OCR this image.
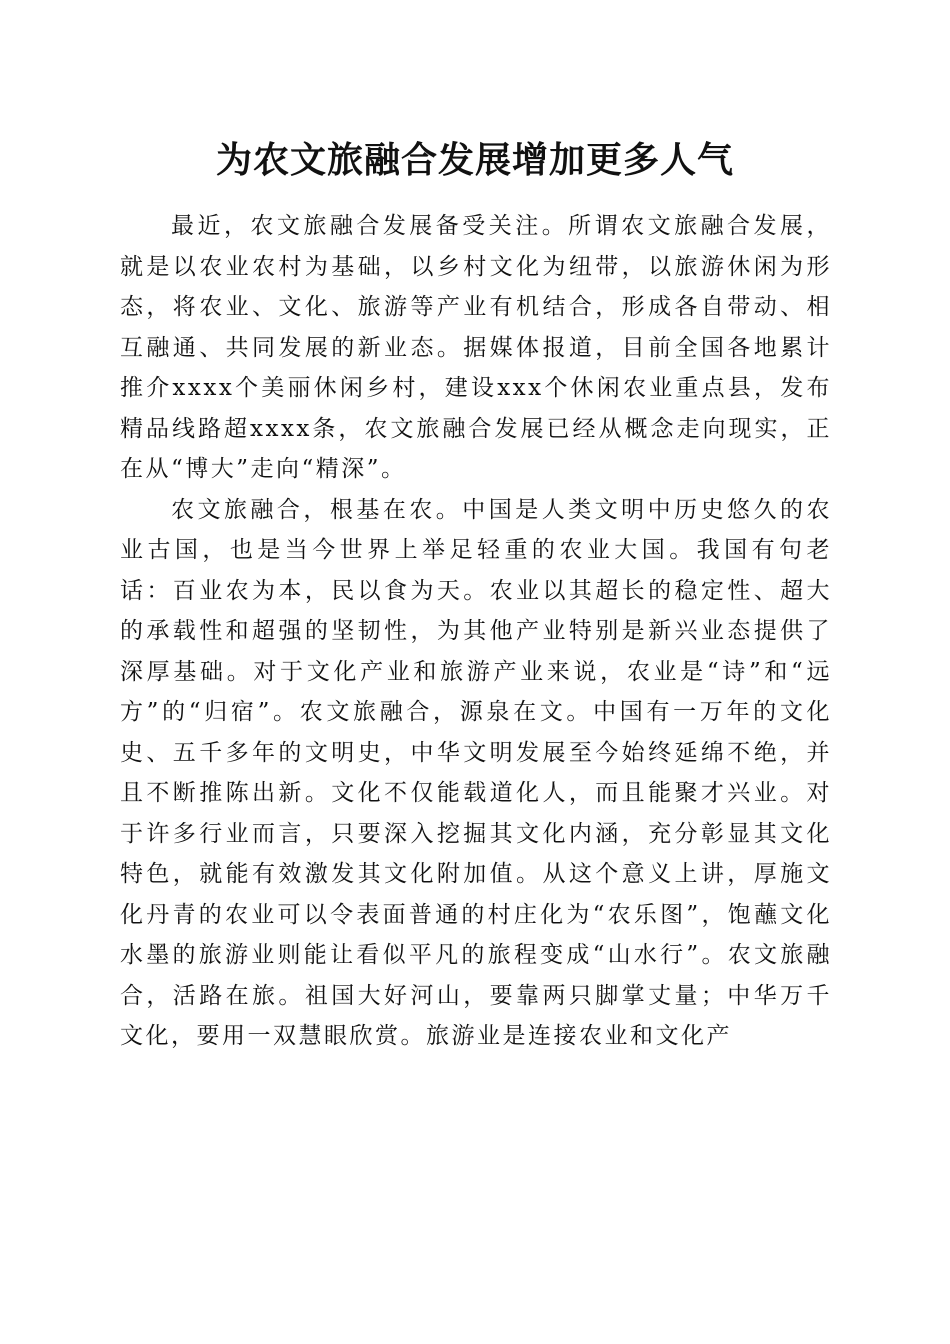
为农文旅融合发展增加更多人气

最近，农文旅融合发展备受关注。所谓农文旅融合发展，就是以农业农村为基础，以乡村文化为纽带，以旅游休闲为形态，将农业、文化、旅游等产业有机结合，形成各自带动、相互融通、共同发展的新业态。据媒体报道，目前全国各地累计推介xxxx个美丽休闲乡村，建设xxx个休闲农业重点县，发布精品线路超xxxx条，农文旅融合发展已经从概念走向现实，正在从“博大”走向“精深”。

农文旅融合，根基在农。中国是人类文明中历史悠久的农业古国，也是当今世界上举足轻重的农业大国。我国有句老话：百业农为本，民以食为天。农业以其超长的稳定性、超大的承载性和超强的坚韧性，为其他产业特别是新兴业态提供了深厚基础。对于文化产业和旅游产业来说，农业是“诗”和“远方”的“归宿”。农文旅融合，源泉在文。中国有一万年的文化史、五千多年的文明史，中华文明发展至今始终延绵不绝，并且不断推陈出新。文化不仅能载道化人，而且能聚才兴业。对于许多行业而言，只要深入挖掘其文化内涵，充分彰显其文化特色，就能有效激发其文化附加值。从这个意义上讲，厚施文化丹青的农业可以令表面普通的村庄化为“农乐图”，饱蘸文化水墨的旅游业则能让看似平凡的旅程变成“山水行”。农文旅融合，活路在旅。祖国大好河山，要靠两只脚掌丈量；中华万千文化，要用一双慧眼欣赏。旅游业是连接农业和文化产
